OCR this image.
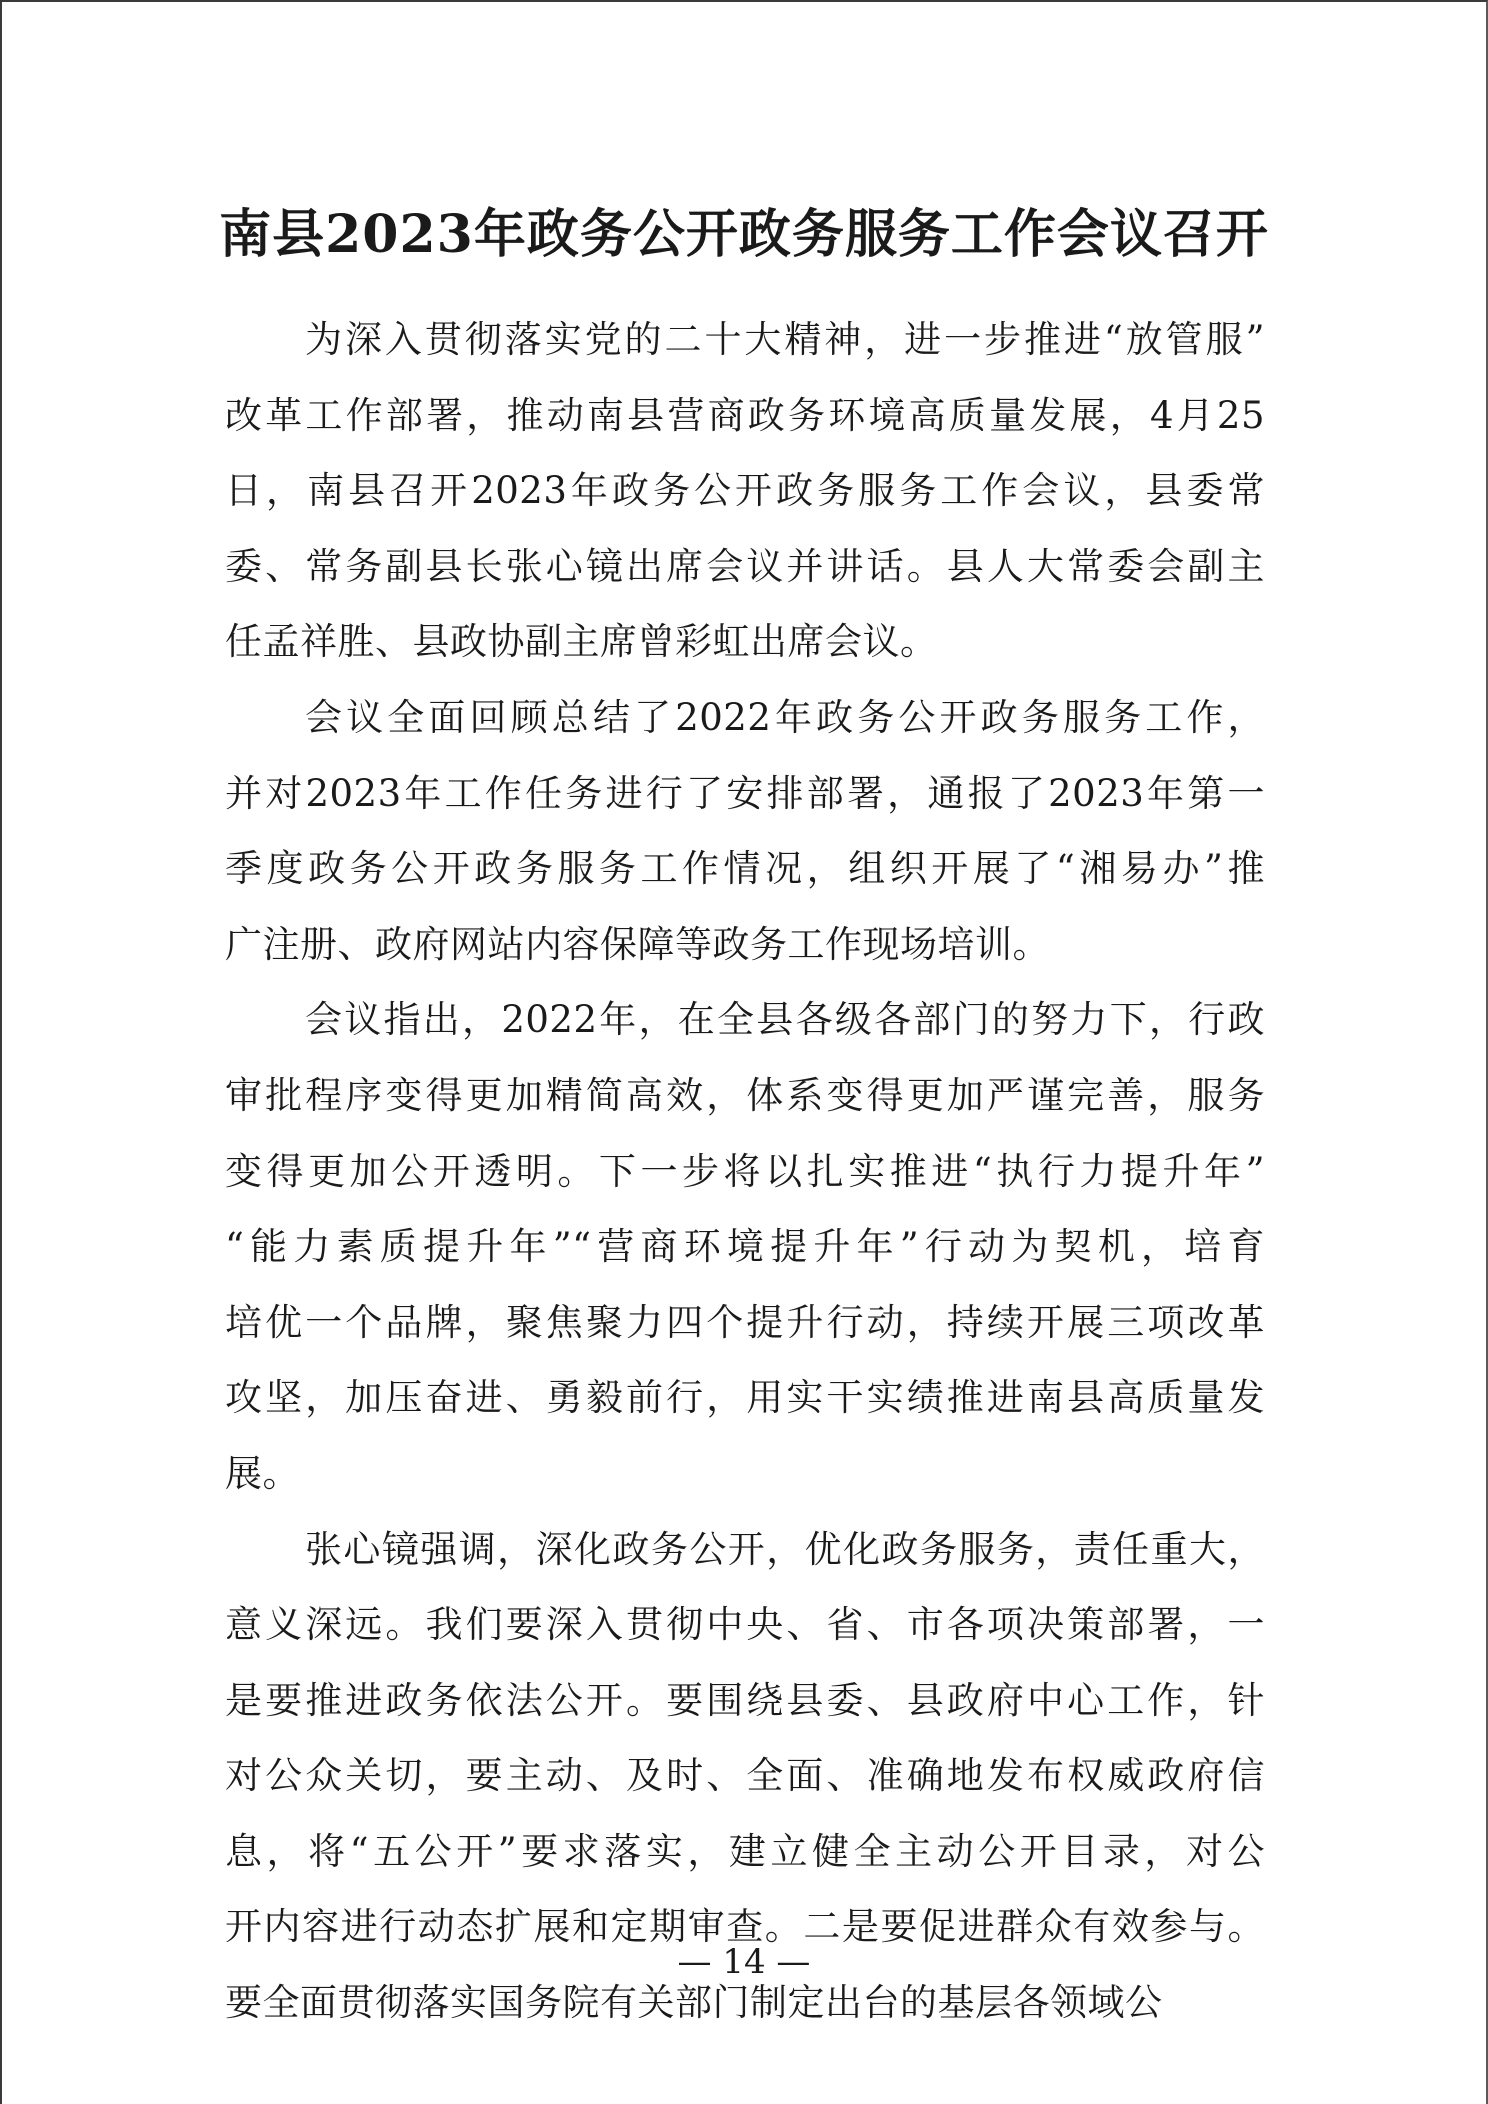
南县2023年政务公开政务服务工作会议召开
为深入贯彻落实党的二十大精神，进一步推进“放管服”
改革工作部署，推动南县营商政务环境高质量发展，4月25
日，南县召开2023年政务公开政务服务工作会议，县委常
委、常务副县长张心镜出席会议并讲话。县人大常委会副主
任孟祥胜、县政协副主席曾彩虹出席会议。
会议全面回顾总结了2022年政务公开政务服务工作，
并对2023年工作任务进行了安排部署，通报了2023年第一
季度政务公开政务服务工作情况，组织开展了“湘易办”推
广注册、政府网站内容保障等政务工作现场培训。
会议指出，2022年，在全县各级各部门的努力下，行政
审批程序变得更加精简高效，体系变得更加严谨完善，服务
变得更加公开透明。下一步将以扎实推进“执行力提升年”
“能力素质提升年”“营商环境提升年”行动为契机，培育
培优一个品牌，聚焦聚力四个提升行动，持续开展三项改革
攻坚，加压奋进、勇毅前行，用实干实绩推进南县高质量发
展。
张心镜强调，深化政务公开，优化政务服务，责任重大，
意义深远。我们要深入贯彻中央、省、市各项决策部署，一
是要推进政务依法公开。要围绕县委、县政府中心工作，针
对公众关切，要主动、及时、全面、准确地发布权威政府信
息，将“五公开”要求落实，建立健全主动公开目录，对公
开内容进行动态扩展和定期审查。二是要促进群众有效参与。
要全面贯彻落实国务院有关部门制定出台的基层各领域公
— 14 —
